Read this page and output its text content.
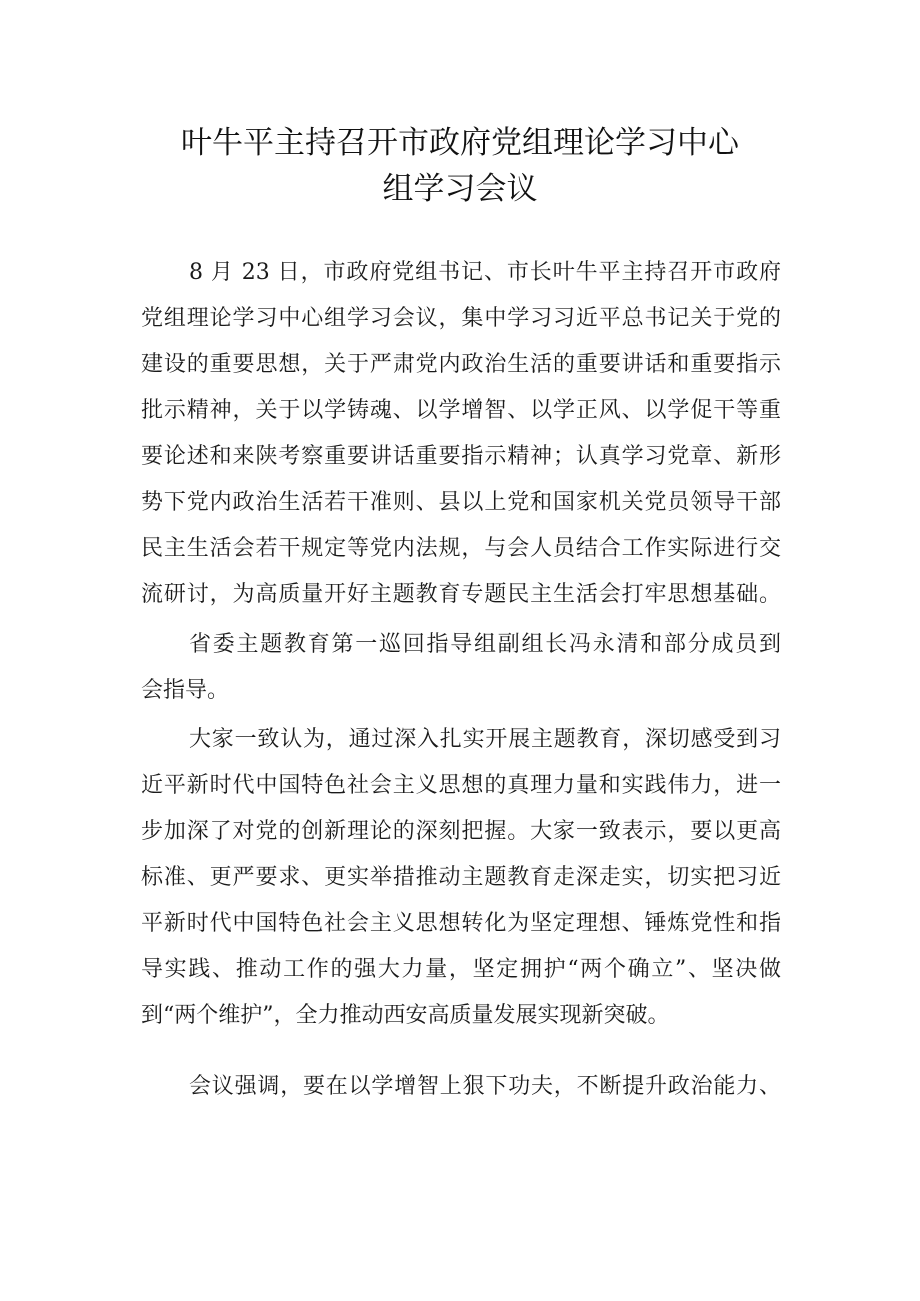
叶牛平主持召开市政府党组理论学习中心
组学习会议
8 月 23 日，市政府党组书记、市长叶牛平主持召开市政府
党组理论学习中心组学习会议，集中学习习近平总书记关于党的
建设的重要思想，关于严肃党内政治生活的重要讲话和重要指示
批示精神，关于以学铸魂、以学增智、以学正风、以学促干等重
要论述和来陕考察重要讲话重要指示精神；认真学习党章、新形
势下党内政治生活若干准则、县以上党和国家机关党员领导干部
民主生活会若干规定等党内法规，与会人员结合工作实际进行交
流研讨，为高质量开好主题教育专题民主生活会打牢思想基础。
省委主题教育第一巡回指导组副组长冯永清和部分成员到
会指导。
大家一致认为，通过深入扎实开展主题教育，深切感受到习
近平新时代中国特色社会主义思想的真理力量和实践伟力，进一
步加深了对党的创新理论的深刻把握。大家一致表示，要以更高
标准、更严要求、更实举措推动主题教育走深走实，切实把习近
平新时代中国特色社会主义思想转化为坚定理想、锤炼党性和指
导实践、推动工作的强大力量，坚定拥护“两个确立”、坚决做
到“两个维护”，全力推动西安高质量发展实现新突破。
会议强调，要在以学增智上狠下功夫，不断提升政治能力、
